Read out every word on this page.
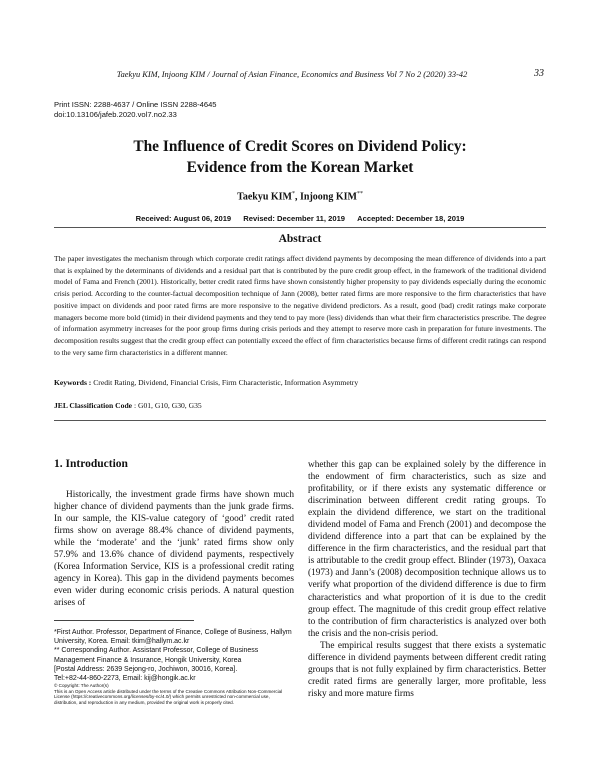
Taekyu KIM, Injoong KIM / Journal of Asian Finance, Economics and Business Vol 7 No 2 (2020) 33-42	33
Print ISSN: 2288-4637 / Online ISSN 2288-4645
doi:10.13106/jafeb.2020.vol7.no2.33
The Influence of Credit Scores on Dividend Policy:
Evidence from the Korean Market
Taekyu KIM*, Injoong KIM**
Received: August 06, 2019 Revised: December 11, 2019 Accepted: December 18, 2019
Abstract
The paper investigates the mechanism through which corporate credit ratings affect dividend payments by decomposing the mean difference of dividends into a part that is explained by the determinants of dividends and a residual part that is contributed by the pure credit group effect, in the framework of the traditional dividend model of Fama and French (2001). Historically, better credit rated firms have shown consistently higher propensity to pay dividends especially during the economic crisis period. According to the counter-factual decomposition technique of Jann (2008), better rated firms are more responsive to the firm characteristics that have positive impact on dividends and poor rated firms are more responsive to the negative dividend predictors. As a result, good (bad) credit ratings make corporate managers become more bold (timid) in their dividend payments and they tend to pay more (less) dividends than what their firm characteristics prescribe. The degree of information asymmetry increases for the poor group firms during crisis periods and they attempt to reserve more cash in preparation for future investments. The decomposition results suggest that the credit group effect can potentially exceed the effect of firm characteristics because firms of different credit ratings can respond to the very same firm characteristics in a different manner.
Keywords : Credit Rating, Dividend, Financial Crisis, Firm Characteristic, Information Asymmetry
JEL Classification Code : G01, G10, G30, G35
1. Introduction

Historically, the investment grade firms have shown much higher chance of dividend payments than the junk grade firms. In our sample, the KIS-value category of ‘good’ credit rated firms show on average 88.4% chance of dividend payments, while the ‘moderate’ and the ‘junk’ rated firms show only 57.9% and 13.6% chance of dividend payments, respectively (Korea Information Service, KIS is a professional credit rating agency in Korea). This gap in the dividend payments becomes even wider during economic crisis periods. A natural question arises of

whether this gap can be explained solely by the difference in the endowment of firm characteristics, such as size and profitability, or if there exists any systematic difference or discrimination between different credit rating groups. To explain the dividend difference, we start on the traditional dividend model of Fama and French (2001) and decompose the dividend difference into a part that can be explained by the difference in the firm characteristics, and the residual part that is attributable to the credit group effect. Blinder (1973), Oaxaca (1973) and Jann’s (2008) decomposition technique allows us to verify what proportion of the dividend difference is due to firm characteristics and what proportion of it is due to the credit group effect. The magnitude of this credit group effect relative to the contribution of firm characteristics is analyzed over both the crisis and the non-crisis period.

The empirical results suggest that there exists a systematic difference in dividend payments between different credit rating groups that is not fully explained by firm characteristics. Better credit rated firms are generally larger, more profitable, less risky and more mature firms

*First Author. Professor, Department of Finance, College of Business, Hallym University, Korea. Email: tkim@hallym.ac.kr
** Corresponding Author. Assistant Professor, College of Business Management Finance & Insurance, Hongik University, Korea
[Postal Address: 2639 Sejong-ro, Jochiwon, 30016, Korea].
Tel:+82-44-860-2273, Email: kij@hongik.ac.kr
© Copyright: The Author(s)
This is an Open Access article distributed under the terms of the Creative Commons Attribution Non-Commercial License (https://creativecommons.org/licenses/by-nc/4.0/) which permits unrestricted non-commercial use, distribution, and reproduction in any medium, provided the original work is properly cited.
